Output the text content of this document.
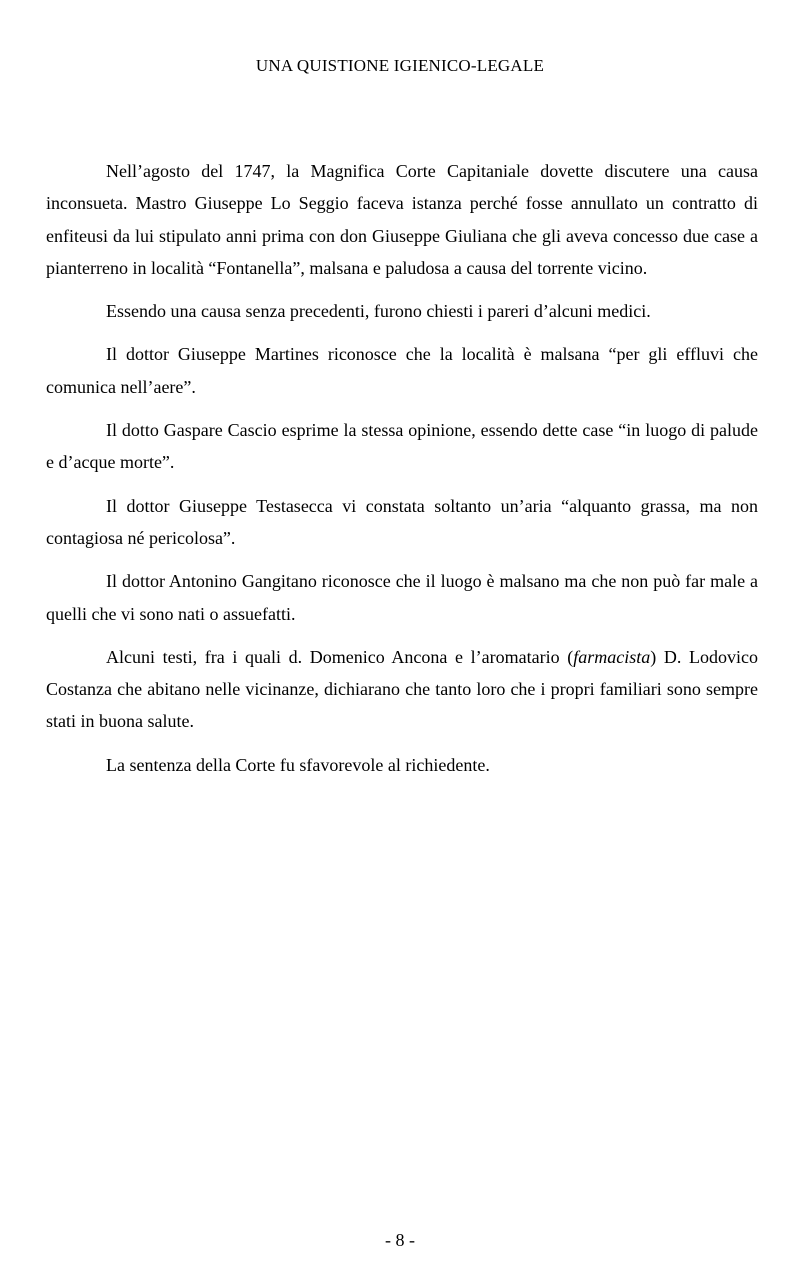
UNA QUISTIONE IGIENICO-LEGALE

Nell’agosto del 1747, la Magnifica Corte Capitaniale dovette discutere una causa inconsueta. Mastro Giuseppe Lo Seggio faceva istanza perché fosse annullato un contratto di enfiteusi da lui stipulato anni prima con don Giuseppe Giuliana che gli aveva concesso due case a pianterreno in località “Fontanella”, malsana e paludosa a causa del torrente vicino.

Essendo una causa senza precedenti, furono chiesti i pareri d’alcuni medici.

Il dottor Giuseppe Martines riconosce che la località è malsana “per gli effluvi che comunica nell’aere”.

Il dotto Gaspare Cascio esprime la stessa opinione, essendo dette case “in luogo di palude e d’acque morte”.

Il dottor Giuseppe Testasecca vi constata soltanto un’aria “alquanto grassa, ma non contagiosa né pericolosa”.

Il dottor Antonino Gangitano riconosce che il luogo è malsano ma che non può far male a quelli che vi sono nati o assuefatti.

Alcuni testi, fra i quali d. Domenico Ancona e l’aromatario (farmacista) D. Lodovico Costanza che abitano nelle vicinanze, dichiarano che tanto loro che i propri familiari sono sempre stati in buona salute.

La sentenza della Corte fu sfavorevole al richiedente.

- 8 -
